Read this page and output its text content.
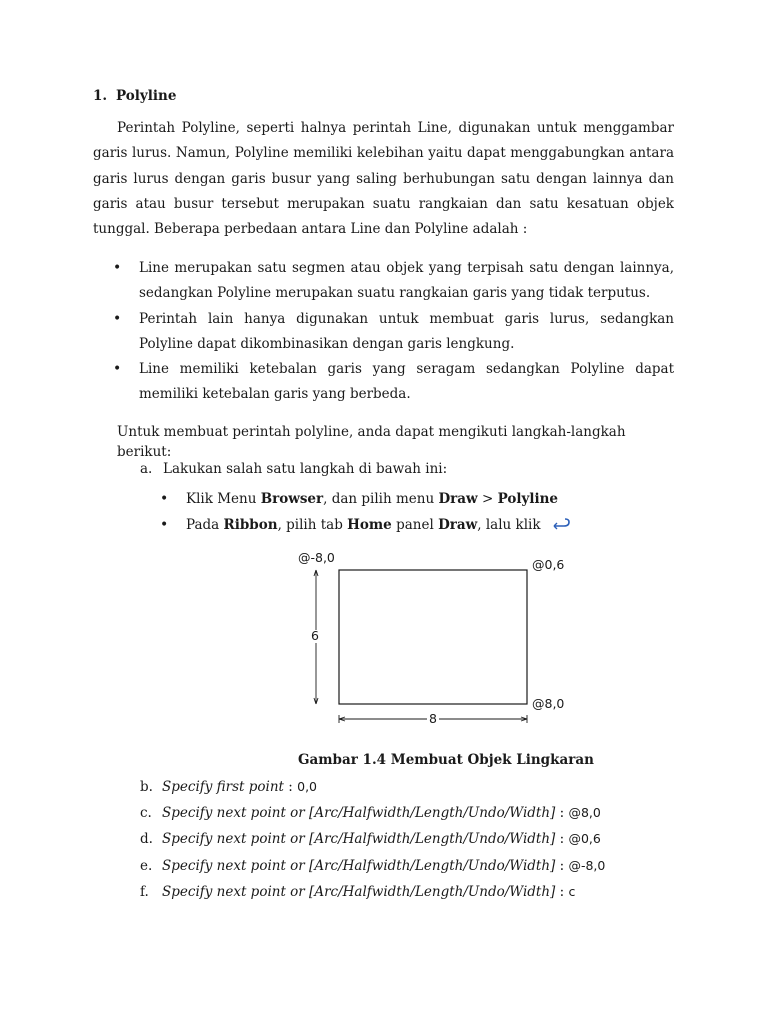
1. Polyline

Perintah Polyline, seperti halnya perintah Line, digunakan untuk menggambar garis lurus. Namun, Polyline memiliki kelebihan yaitu dapat menggabungkan antara garis lurus dengan garis busur yang saling berhubungan satu dengan lainnya dan garis atau busur tersebut merupakan suatu rangkaian dan satu kesatuan objek tunggal. Beberapa perbedaan antara Line dan Polyline adalah :

• Line merupakan satu segmen atau objek yang terpisah satu dengan lainnya, sedangkan Polyline merupakan suatu rangkaian garis yang tidak terputus.
• Perintah lain hanya digunakan untuk membuat garis lurus, sedangkan Polyline dapat dikombinasikan dengan garis lengkung.
• Line memiliki ketebalan garis yang seragam sedangkan Polyline dapat memiliki ketebalan garis yang berbeda.

Untuk membuat perintah polyline, anda dapat mengikuti langkah-langkah berikut:

a. Lakukan salah satu langkah di bawah ini:
• Klik Menu Browser, dan pilih menu Draw > Polyline
• Pada Ribbon, pilih tab Home panel Draw, lalu klik
@-8,0	@0,6
@8,0
6
8
Gambar 1.4 Membuat Objek Lingkaran
b. Specify first point : 0,0
c. Specify next point or [Arc/Halfwidth/Length/Undo/Width] : @8,0
d. Specify next point or [Arc/Halfwidth/Length/Undo/Width] : @0,6
e. Specify next point or [Arc/Halfwidth/Length/Undo/Width] : @-8,0
f. Specify next point or [Arc/Halfwidth/Length/Undo/Width] : c
